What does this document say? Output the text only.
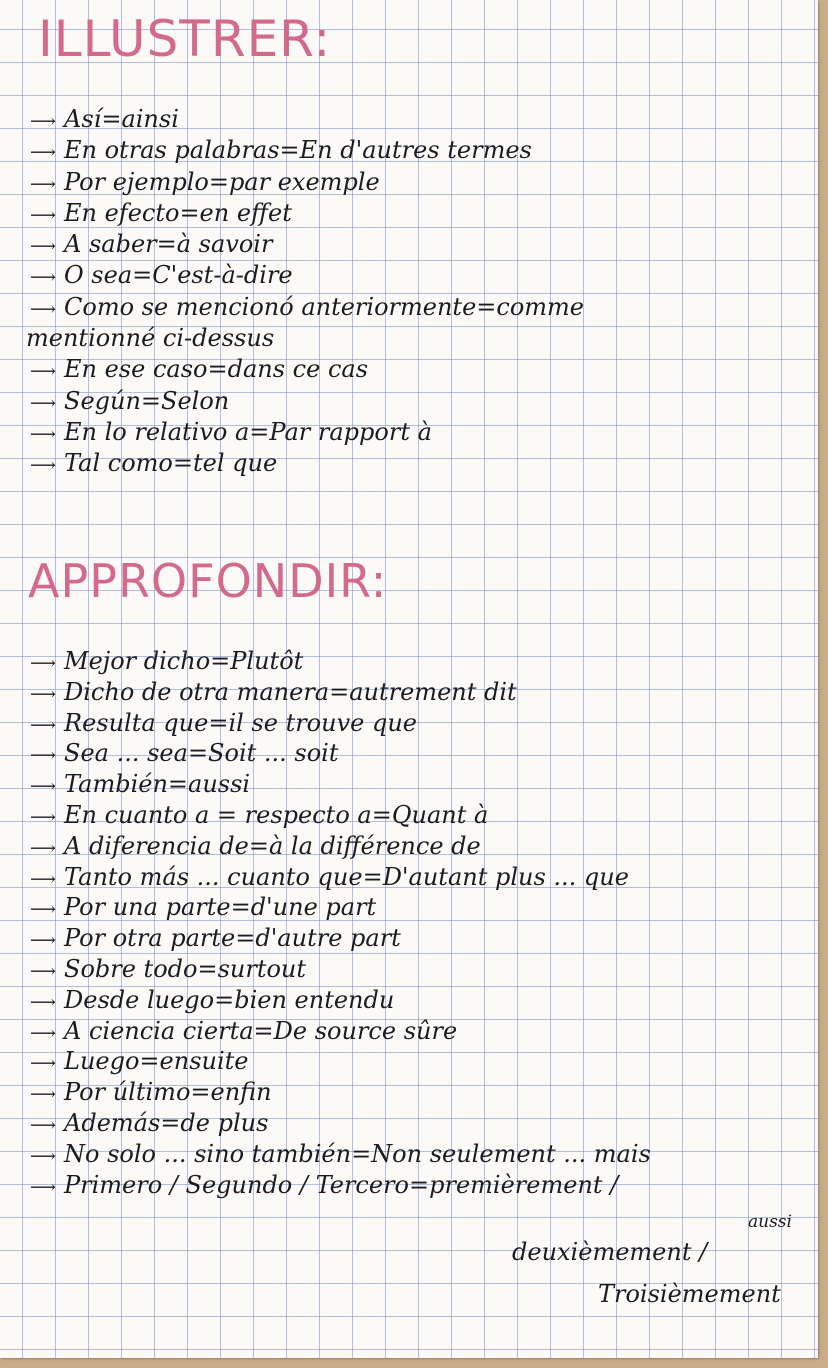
ILLUSTRER:
⟶ Así = ainsi
⟶ En otras palabras = En d'autres termes
⟶ Por ejemplo = par exemple
⟶ En efecto = en effet
⟶ A saber = à savoir
⟶ O sea = C'est-à-dire
⟶ Como se mencionó anteriormente = comme
mentionné ci-dessus
⟶ En ese caso = dans ce cas
⟶ Según = Selon
⟶ En lo relativo a = Par rapport à
⟶ Tal como = tel que
APPROFONDIR:
⟶ Mejor dicho = Plutôt
⟶ Dicho de otra manera = autrement dit
⟶ Resulta que = il se trouve que
⟶ Sea ... sea = Soit ... soit
⟶ También = aussi
⟶ En cuanto a = respecto a = Quant à
⟶ A diferencia de = à la différence de
⟶ Tanto más ... cuanto que = D'autant plus ... que
⟶ Por una parte = d'une part
⟶ Por otra parte = d'autre part
⟶ Sobre todo = surtout
⟶ Desde luego = bien entendu
⟶ A ciencia cierta = De source sûre
⟶ Luego = ensuite
⟶ Por último = enfin
⟶ Además = de plus
⟶ No solo ... sino también = Non seulement ... mais
⟶ Primero / Segundo / Tercero = premièrement /
aussi
deuxièmement /
Troisièmement
